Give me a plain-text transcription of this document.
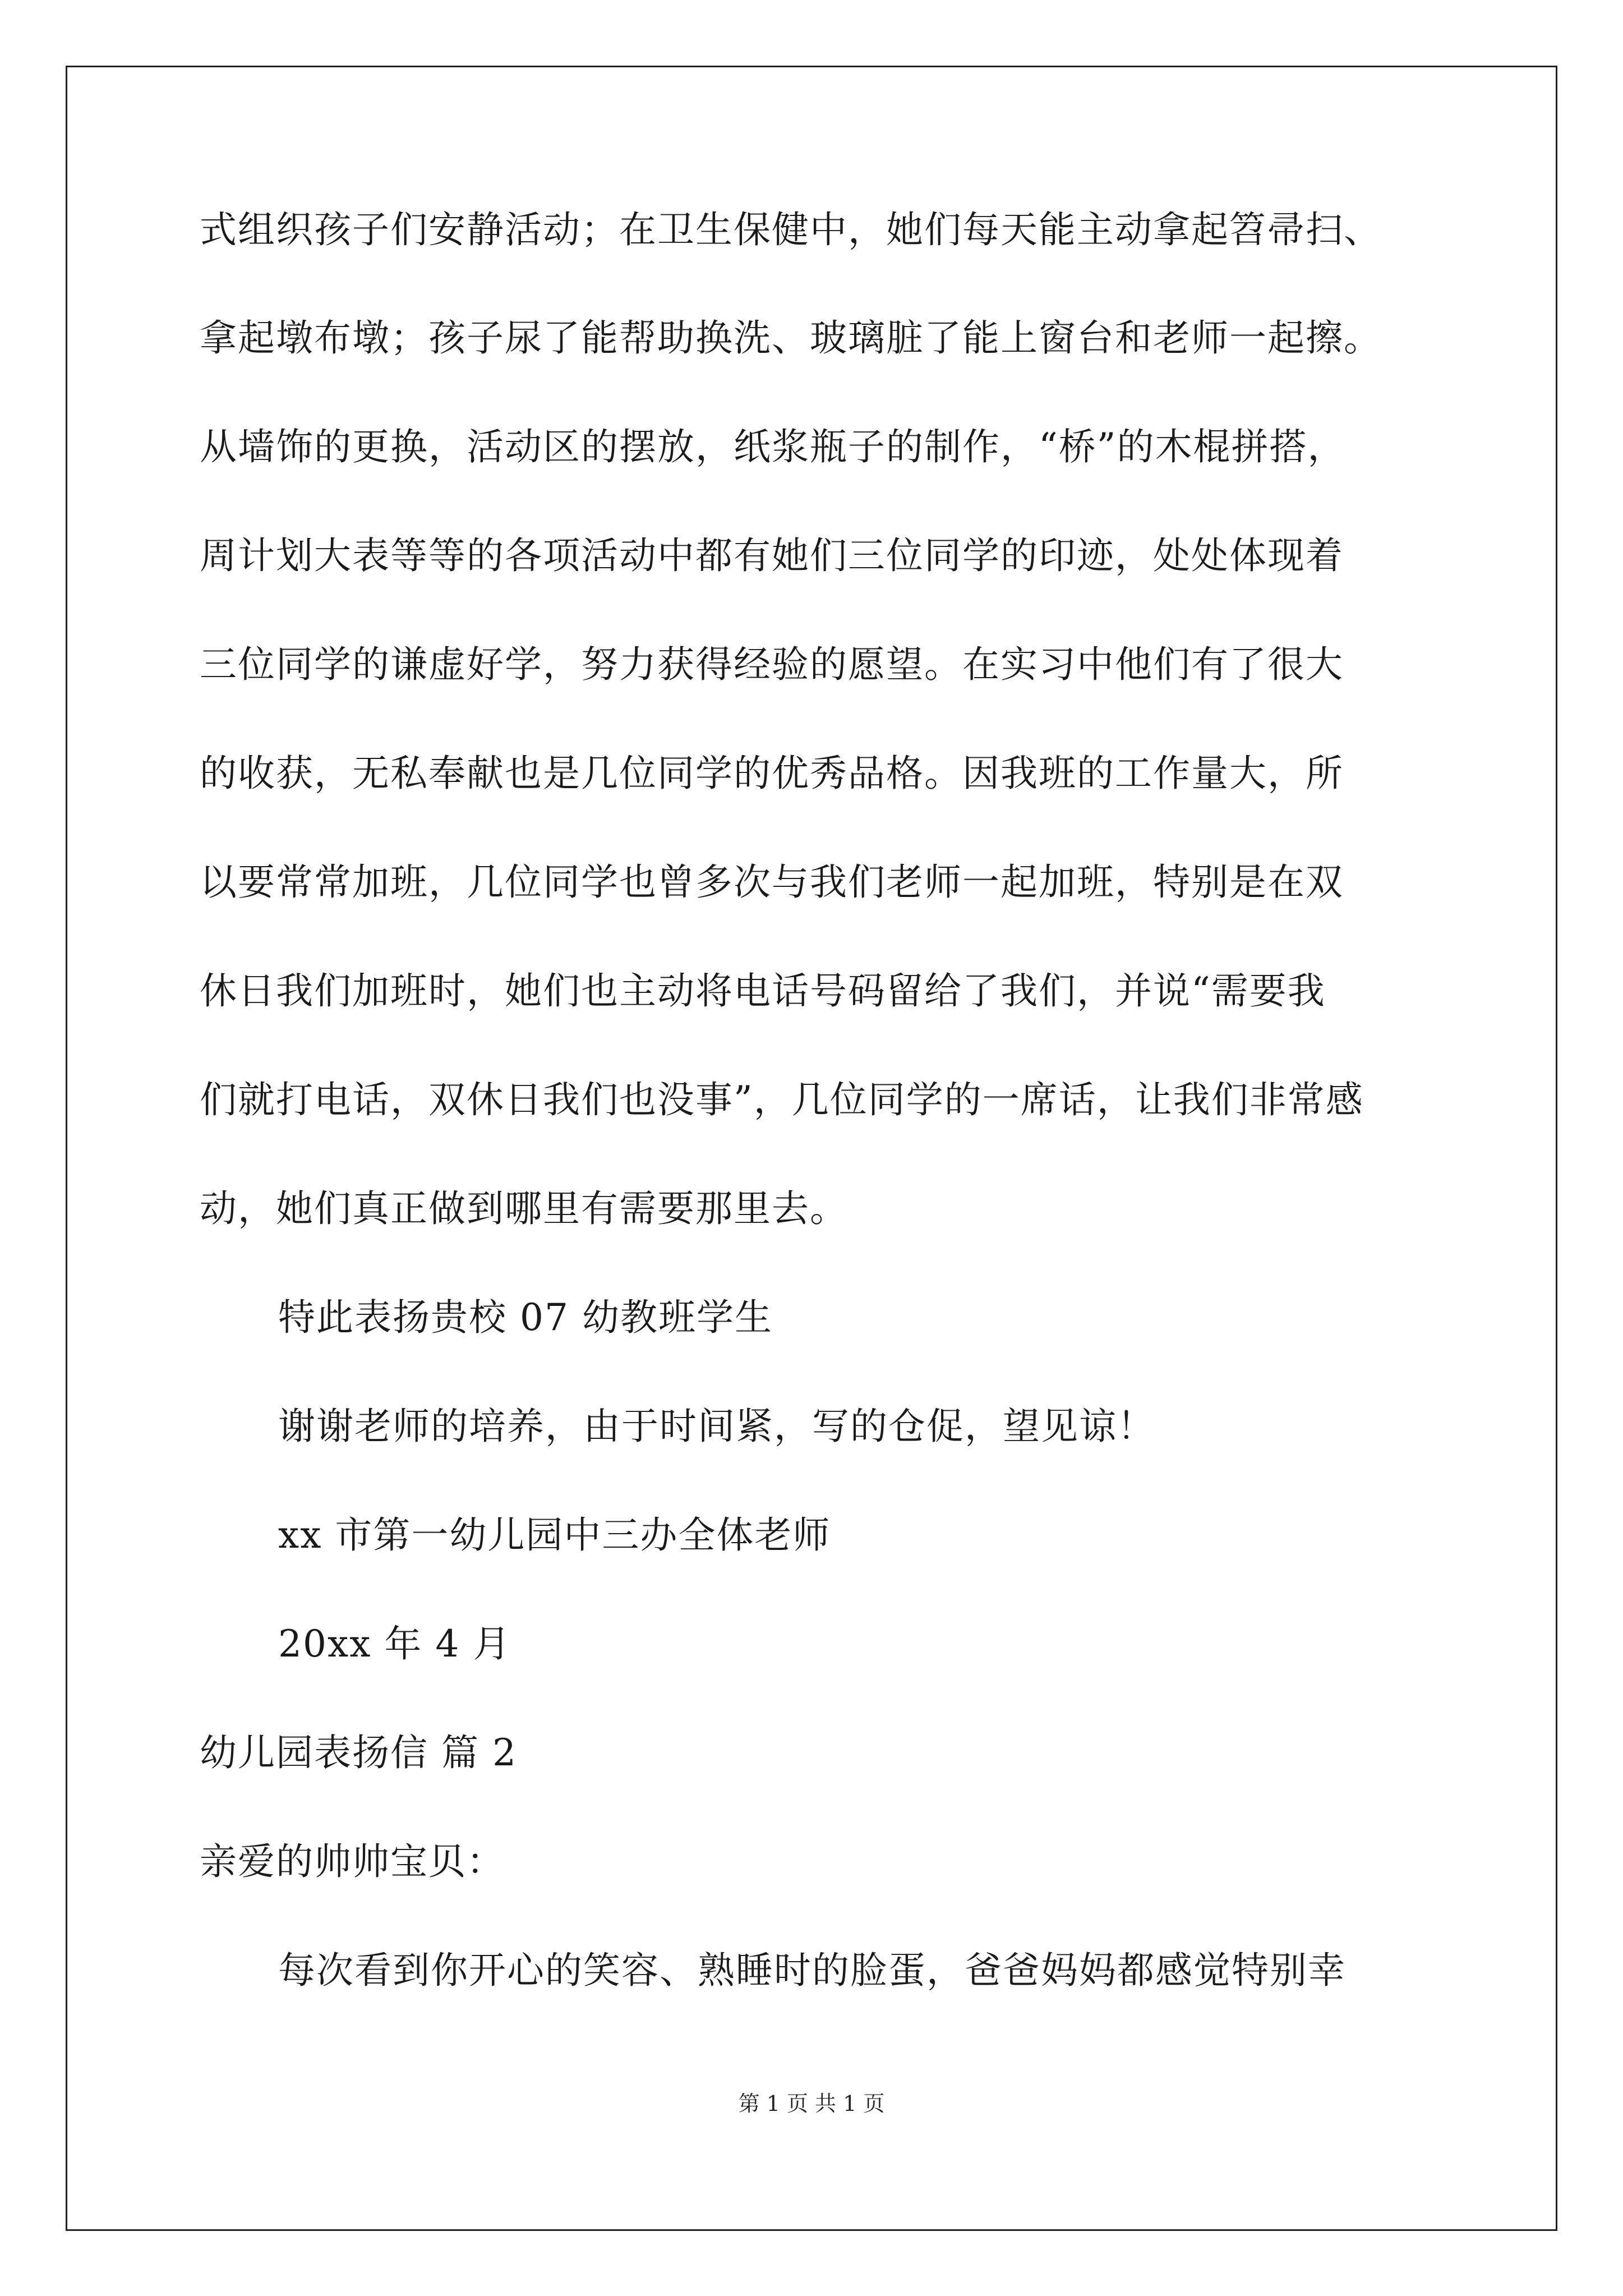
式组织孩子们安静活动；在卫生保健中，她们每天能主动拿起笤帚扫、
拿起墩布墩；孩子尿了能帮助换洗、玻璃脏了能上窗台和老师一起擦。
从墙饰的更换，活动区的摆放，纸浆瓶子的制作，“桥”的木棍拼搭，
周计划大表等等的各项活动中都有她们三位同学的印迹，处处体现着
三位同学的谦虚好学，努力获得经验的愿望。在实习中他们有了很大
的收获，无私奉献也是几位同学的优秀品格。因我班的工作量大，所
以要常常加班，几位同学也曾多次与我们老师一起加班，特别是在双
休日我们加班时，她们也主动将电话号码留给了我们，并说“需要我
们就打电话，双休日我们也没事”，几位同学的一席话，让我们非常感
动，她们真正做到哪里有需要那里去。
特此表扬贵校 07 幼教班学生
谢谢老师的培养，由于时间紧，写的仓促，望见谅！
xx 市第一幼儿园中三办全体老师
20xx 年 4 月
幼儿园表扬信 篇 2
亲爱的帅帅宝贝：
每次看到你开心的笑容、熟睡时的脸蛋，爸爸妈妈都感觉特别幸
第 1 页 共 1 页
